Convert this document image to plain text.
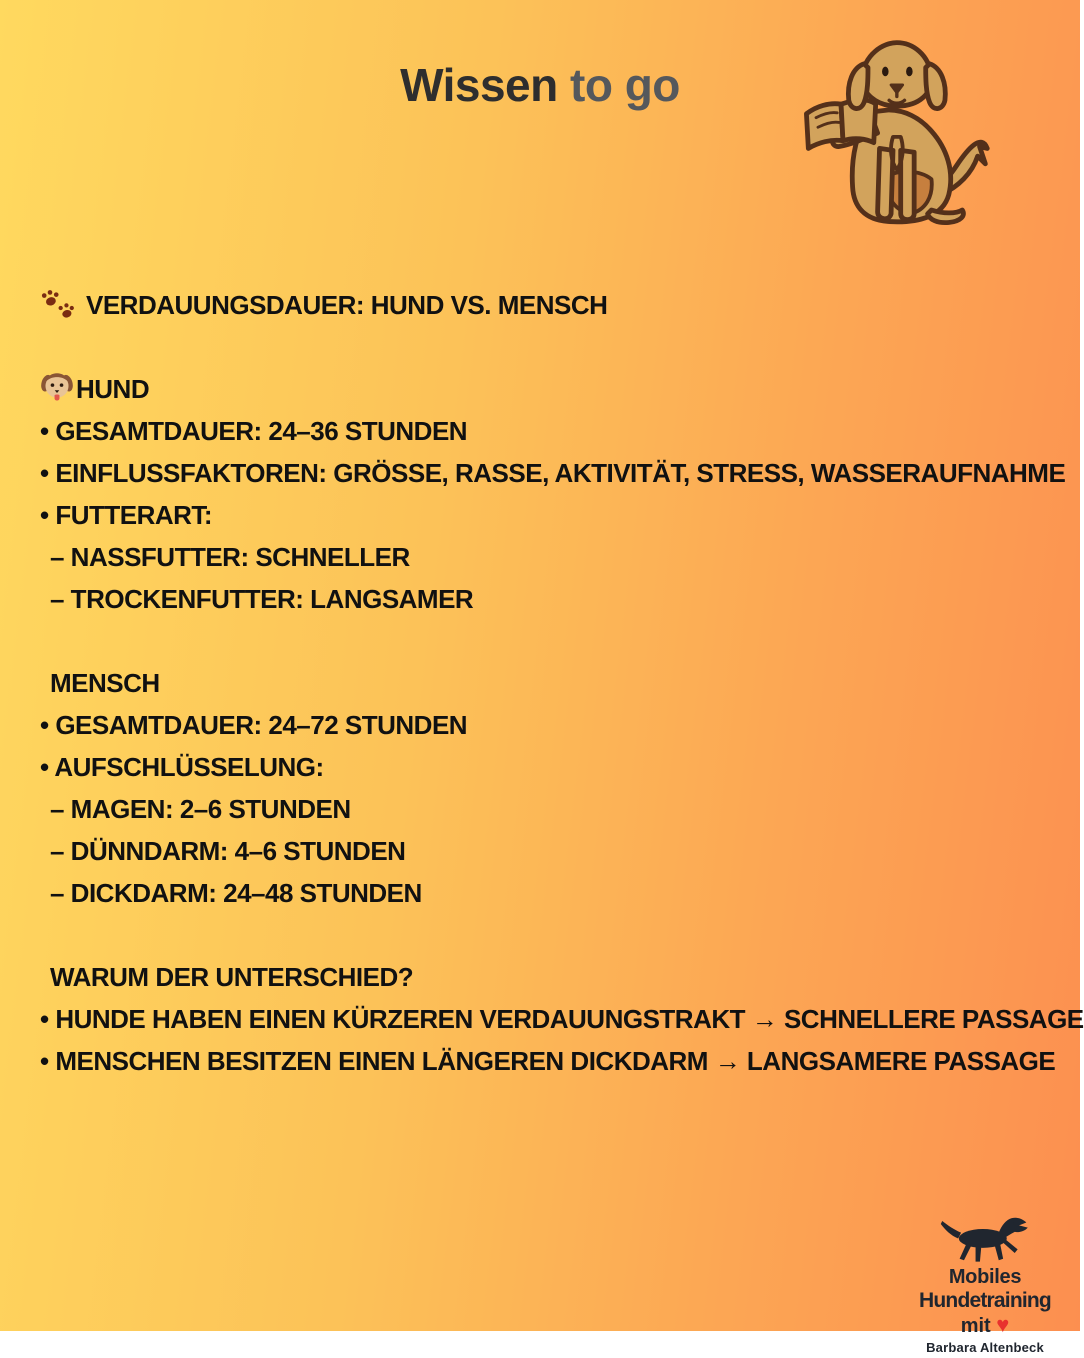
Wissen to go
VERDAUUNGSDAUER: HUND VS. MENSCH
HUND
• GESAMTDAUER: 24–36 STUNDEN
• EINFLUSSFAKTOREN: GRÖSSE, RASSE, AKTIVITÄT, STRESS, WASSERAUFNAHME
• FUTTERART:
– NASSFUTTER: SCHNELLER
– TROCKENFUTTER: LANGSAMER
MENSCH
• GESAMTDAUER: 24–72 STUNDEN
• AUFSCHLÜSSELUNG:
– MAGEN: 2–6 STUNDEN
– DÜNNDARM: 4–6 STUNDEN
– DICKDARM: 24–48 STUNDEN
WARUM DER UNTERSCHIED?
• HUNDE HABEN EINEN KÜRZEREN VERDAUUNGSTRAKT → SCHNELLERE PASSAGE
• MENSCHEN BESITZEN EINEN LÄNGEREN DICKDARM → LANGSAMERE PASSAGE
Mobiles
Hundetraining
mit ♥
Barbara Altenbeck
